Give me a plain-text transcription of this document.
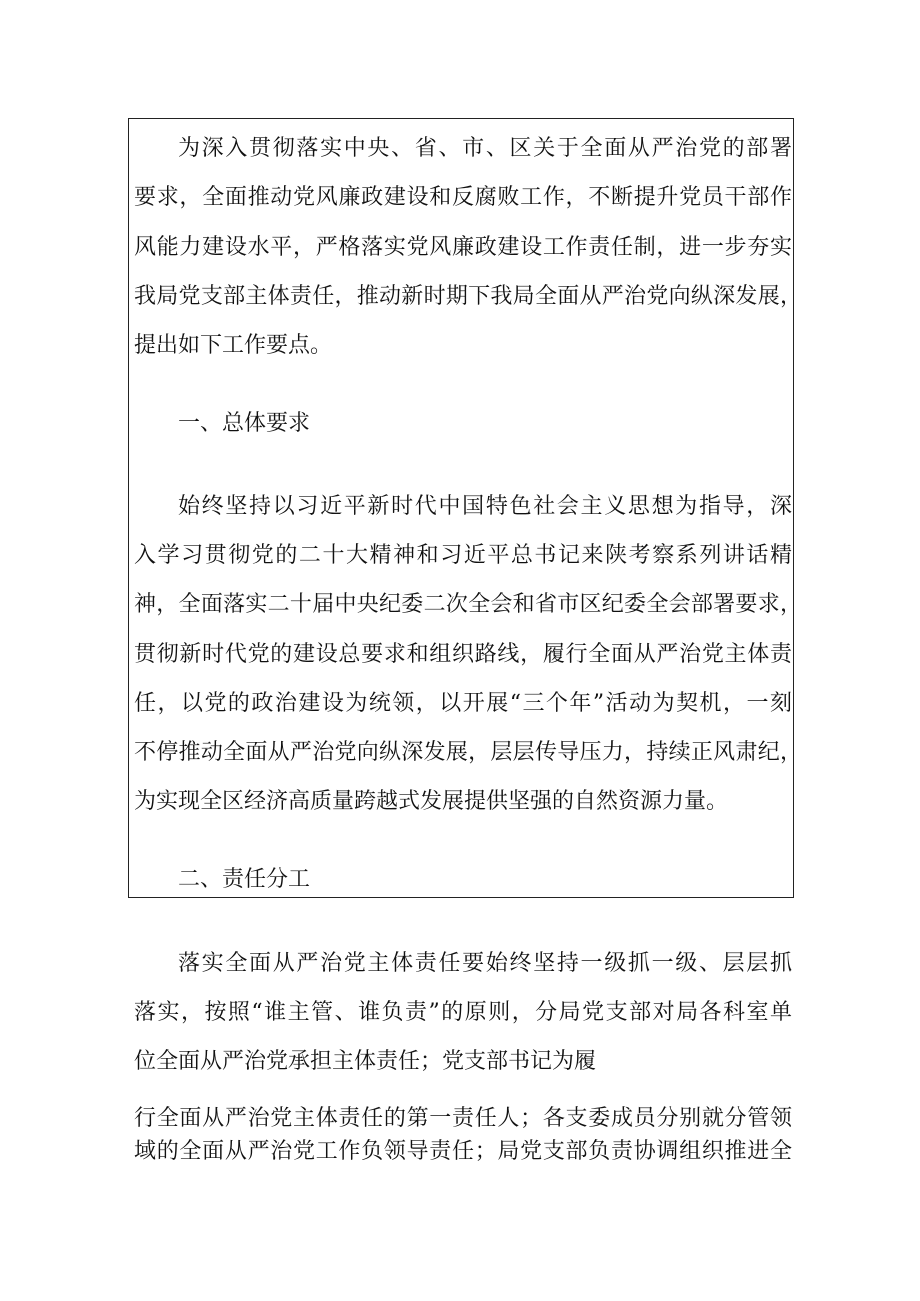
为深入贯彻落实中央、省、市、区关于全面从严治党的部署

要求，全面推动党风廉政建设和反腐败工作，不断提升党员干部作

风能力建设水平，严格落实党风廉政建设工作责任制，进一步夯实

我局党支部主体责任，推动新时期下我局全面从严治党向纵深发展，

提出如下工作要点。

一、总体要求

始终坚持以习近平新时代中国特色社会主义思想为指导，深

入学习贯彻党的二十大精神和习近平总书记来陕考察系列讲话精

神，全面落实二十届中央纪委二次全会和省市区纪委全会部署要求，

贯彻新时代党的建设总要求和组织路线，履行全面从严治党主体责

任，以党的政治建设为统领，以开展“三个年”活动为契机，一刻

不停推动全面从严治党向纵深发展，层层传导压力，持续正风肃纪，

为实现全区经济高质量跨越式发展提供坚强的自然资源力量。

二、责任分工

落实全面从严治党主体责任要始终坚持一级抓一级、层层抓

落实，按照“谁主管、谁负责”的原则，分局党支部对局各科室单

位全面从严治党承担主体责任；党支部书记为履

行全面从严治党主体责任的第一责任人；各支委成员分别就分管领

域的全面从严治党工作负领导责任；局党支部负责协调组织推进全
